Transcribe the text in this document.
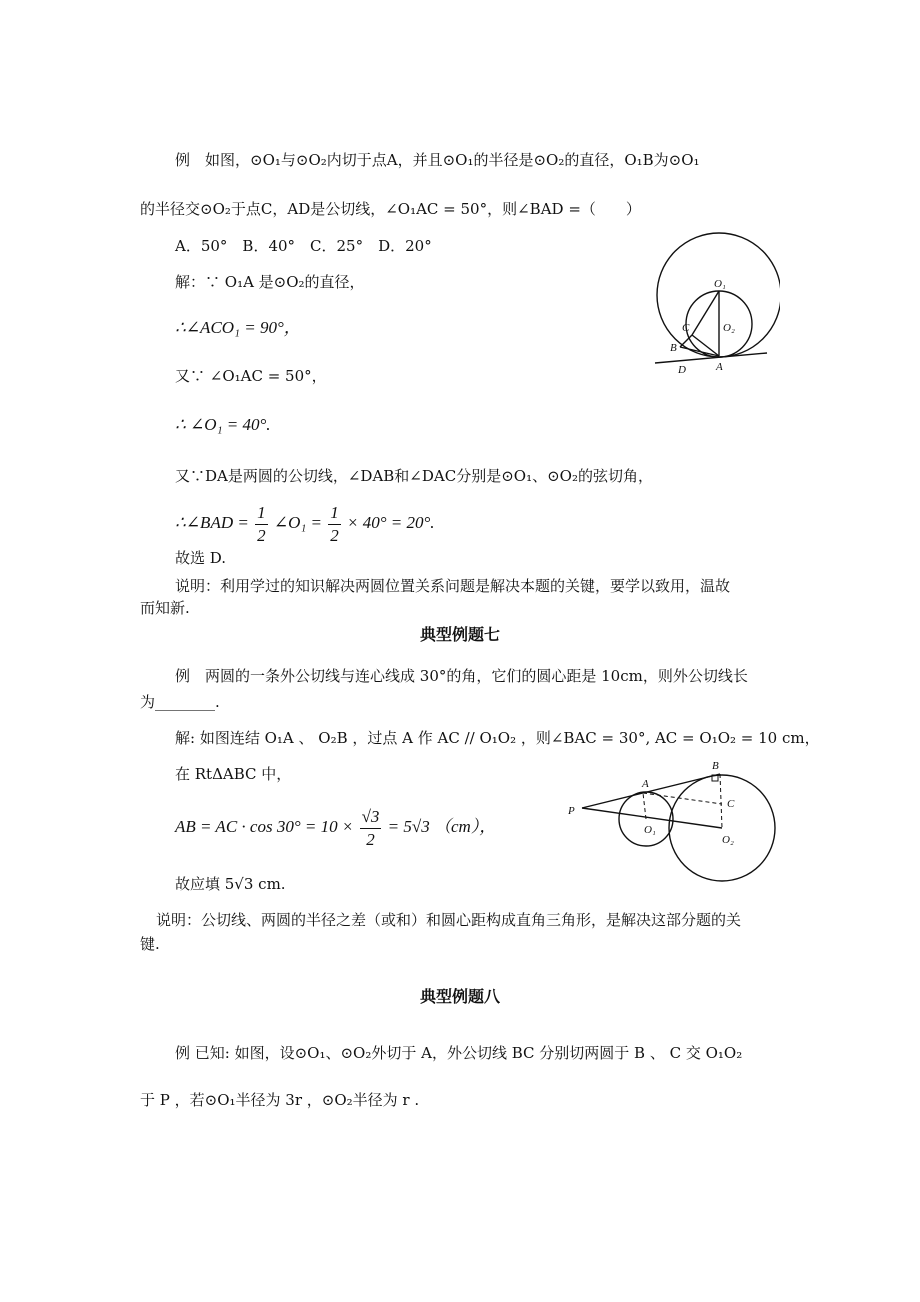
例　如图，⊙O₁与⊙O₂内切于点A，并且⊙O₁的半径是⊙O₂的直径，O₁B为⊙O₁
的半径交⊙O₂于点C，AD是公切线，∠O₁AC = 50°，则∠BAD =（　　）
A．50°　B．40°　C．25°　D．20°
解：∵ O₁A 是⊙O₂的直径，
∴∠ACO₁ = 90°，
又∵ ∠O₁AC = 50°，
∴ ∠O₁ = 40°.
又∵DA是两圆的公切线，∠DAB和∠DAC分别是⊙O₁、⊙O₂的弦切角，
∴∠BAD = $\frac{1}{2}$ ∠O₁ = $\frac{1}{2} \times 40^\circ = 20^\circ$.
故选 D.
说明：利用学过的知识解决两圆位置关系问题是解决本题的关键，要学以致用，温故
而知新.
O₁
O₂
C
B
D	A
典型例题七
例　两圆的一条外公切线与连心线成 30°的角，它们的圆心距是 10cm，则外公切线长
为________.
解: 如图连结 O₁A 、 O₂B ，过点 A 作 AC // O₁O₂ ，则∠BAC = 30°, AC = O₁O₂ = 10 cm，
在 RtΔABC 中，
AB = AC · $\cos 30^\circ = 10 \times \frac{√3}{2} = 5√3$ （cm），
故应填 5√3 cm.
说明：公切线、两圆的半径之差（或和）和圆心距构成直角三角形，是解决这部分题的关
键.
P
A
B
C
O₁
O₂
典型例题八
例 已知: 如图，设⊙O₁、⊙O₂外切于 A，外公切线 BC 分别切两圆于 B 、 C 交 O₁O₂
于 P ，若⊙O₁半径为 3r ，⊙O₂半径为 r .
